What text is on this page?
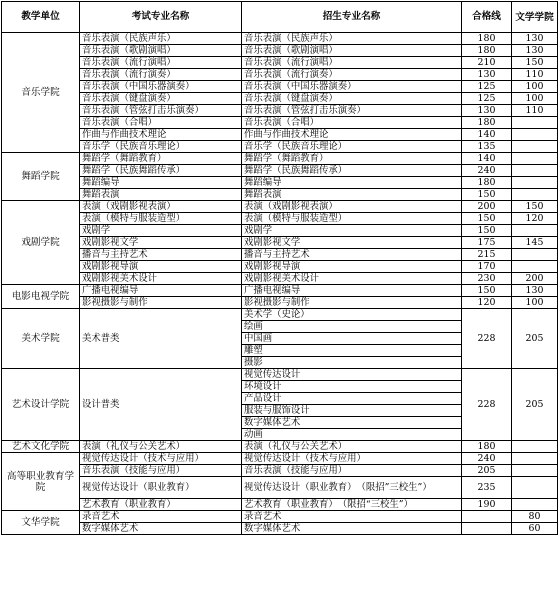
教学单位	考试专业名称	招生专业名称	合格线	文学学院
音乐学院	音乐表演（民族声乐）	音乐表演（民族声乐）	180	130
	音乐表演（歌剧演唱）	音乐表演（歌剧演唱）	180	130
	音乐表演（流行演唱）	音乐表演（流行演唱）	210	150
	音乐表演（流行演奏）	音乐表演（流行演奏）	130	110
	音乐表演（中国乐器演奏）	音乐表演（中国乐器演奏）	125	100
	音乐表演（键盘演奏）	音乐表演（键盘演奏）	125	100
	音乐表演（管弦打击乐演奏）	音乐表演（管弦打击乐演奏）	130	110
	音乐表演（合唱）	音乐表演（合唱）	180	
	作曲与作曲技术理论	作曲与作曲技术理论	140	
	音乐学（民族音乐理论）	音乐学（民族音乐理论）	135	
舞蹈学院	舞蹈学（舞蹈教育）	舞蹈学（舞蹈教育）	140	
	舞蹈学（民族舞蹈传承）	舞蹈学（民族舞蹈传承）	240	
	舞蹈编导	舞蹈编导	180	
	舞蹈表演	舞蹈表演	150	
戏剧学院	表演（戏剧影视表演）	表演（戏剧影视表演）	200	150
	表演（模特与服装造型）	表演（模特与服装造型）	150	120
	戏剧学	戏剧学	150	
	戏剧影视文学	戏剧影视文学	175	145
	播音与主持艺术	播音与主持艺术	215	
	戏剧影视导演	戏剧影视导演	170	
	戏剧影视美术设计	戏剧影视美术设计	230	200
电影电视学院	广播电视编导	广播电视编导	150	130
	影视摄影与制作	影视摄影与制作	120	100
美术学院	美术普类	美术学（史论）	228	205
		绘画		
		中国画		
		雕塑		
		摄影		
艺术设计学院	设计普类	视觉传达设计	228	205
		环境设计		
		产品设计		
		服装与服饰设计		
		数字媒体艺术		
		动画		
艺术文化学院	表演（礼仪与公关艺术）	表演（礼仪与公关艺术）	180	
高等职业教育学院	视觉传达设计（技术与应用）	视觉传达设计（技术与应用）	240	
	音乐表演（技能与应用）	音乐表演（技能与应用）	205	
	视觉传达设计（职业教育）	视觉传达设计（职业教育）　（限招”三校生”）	235	
	艺术教育（职业教育）	艺术教育（职业教育）　（限招“三校生”）	190	
文华学院	录音艺术	录音艺术		80
	数字媒体艺术	数字媒体艺术		60
